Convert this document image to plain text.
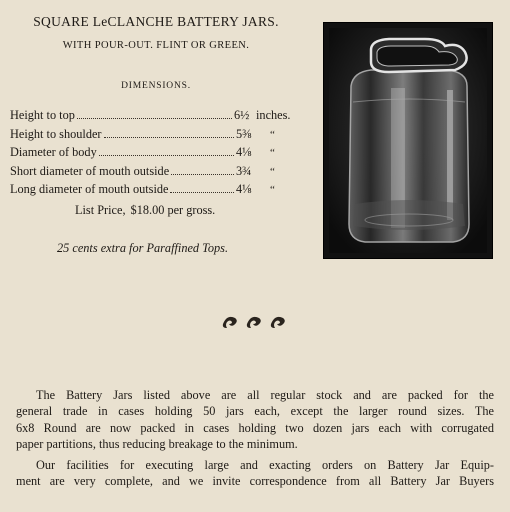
SQUARE LeCLANCHE BATTERY JARS.
WITH POUR-OUT. FLINT OR GREEN.
DIMENSIONS.
Height to top	6½ inches.
Height to shoulder	5⅜	“
Diameter of body	4⅛	“
Short diameter of mouth outside	3¾	“
Long diameter of mouth outside	4⅛	“
List Price, $18.00 per gross.
25 cents extra for Paraffined Tops.

The Battery Jars listed above are all regular stock and are packed for the
general trade in cases holding 50 jars each, except the larger round sizes. The
6x8 Round are now packed in cases holding two dozen jars each with corrugated
paper partitions, thus reducing breakage to the minimum.

Our facilities for executing large and exacting orders on Battery Jar Equip-
ment are very complete, and we invite correspondence from all Battery Jar Buyers
